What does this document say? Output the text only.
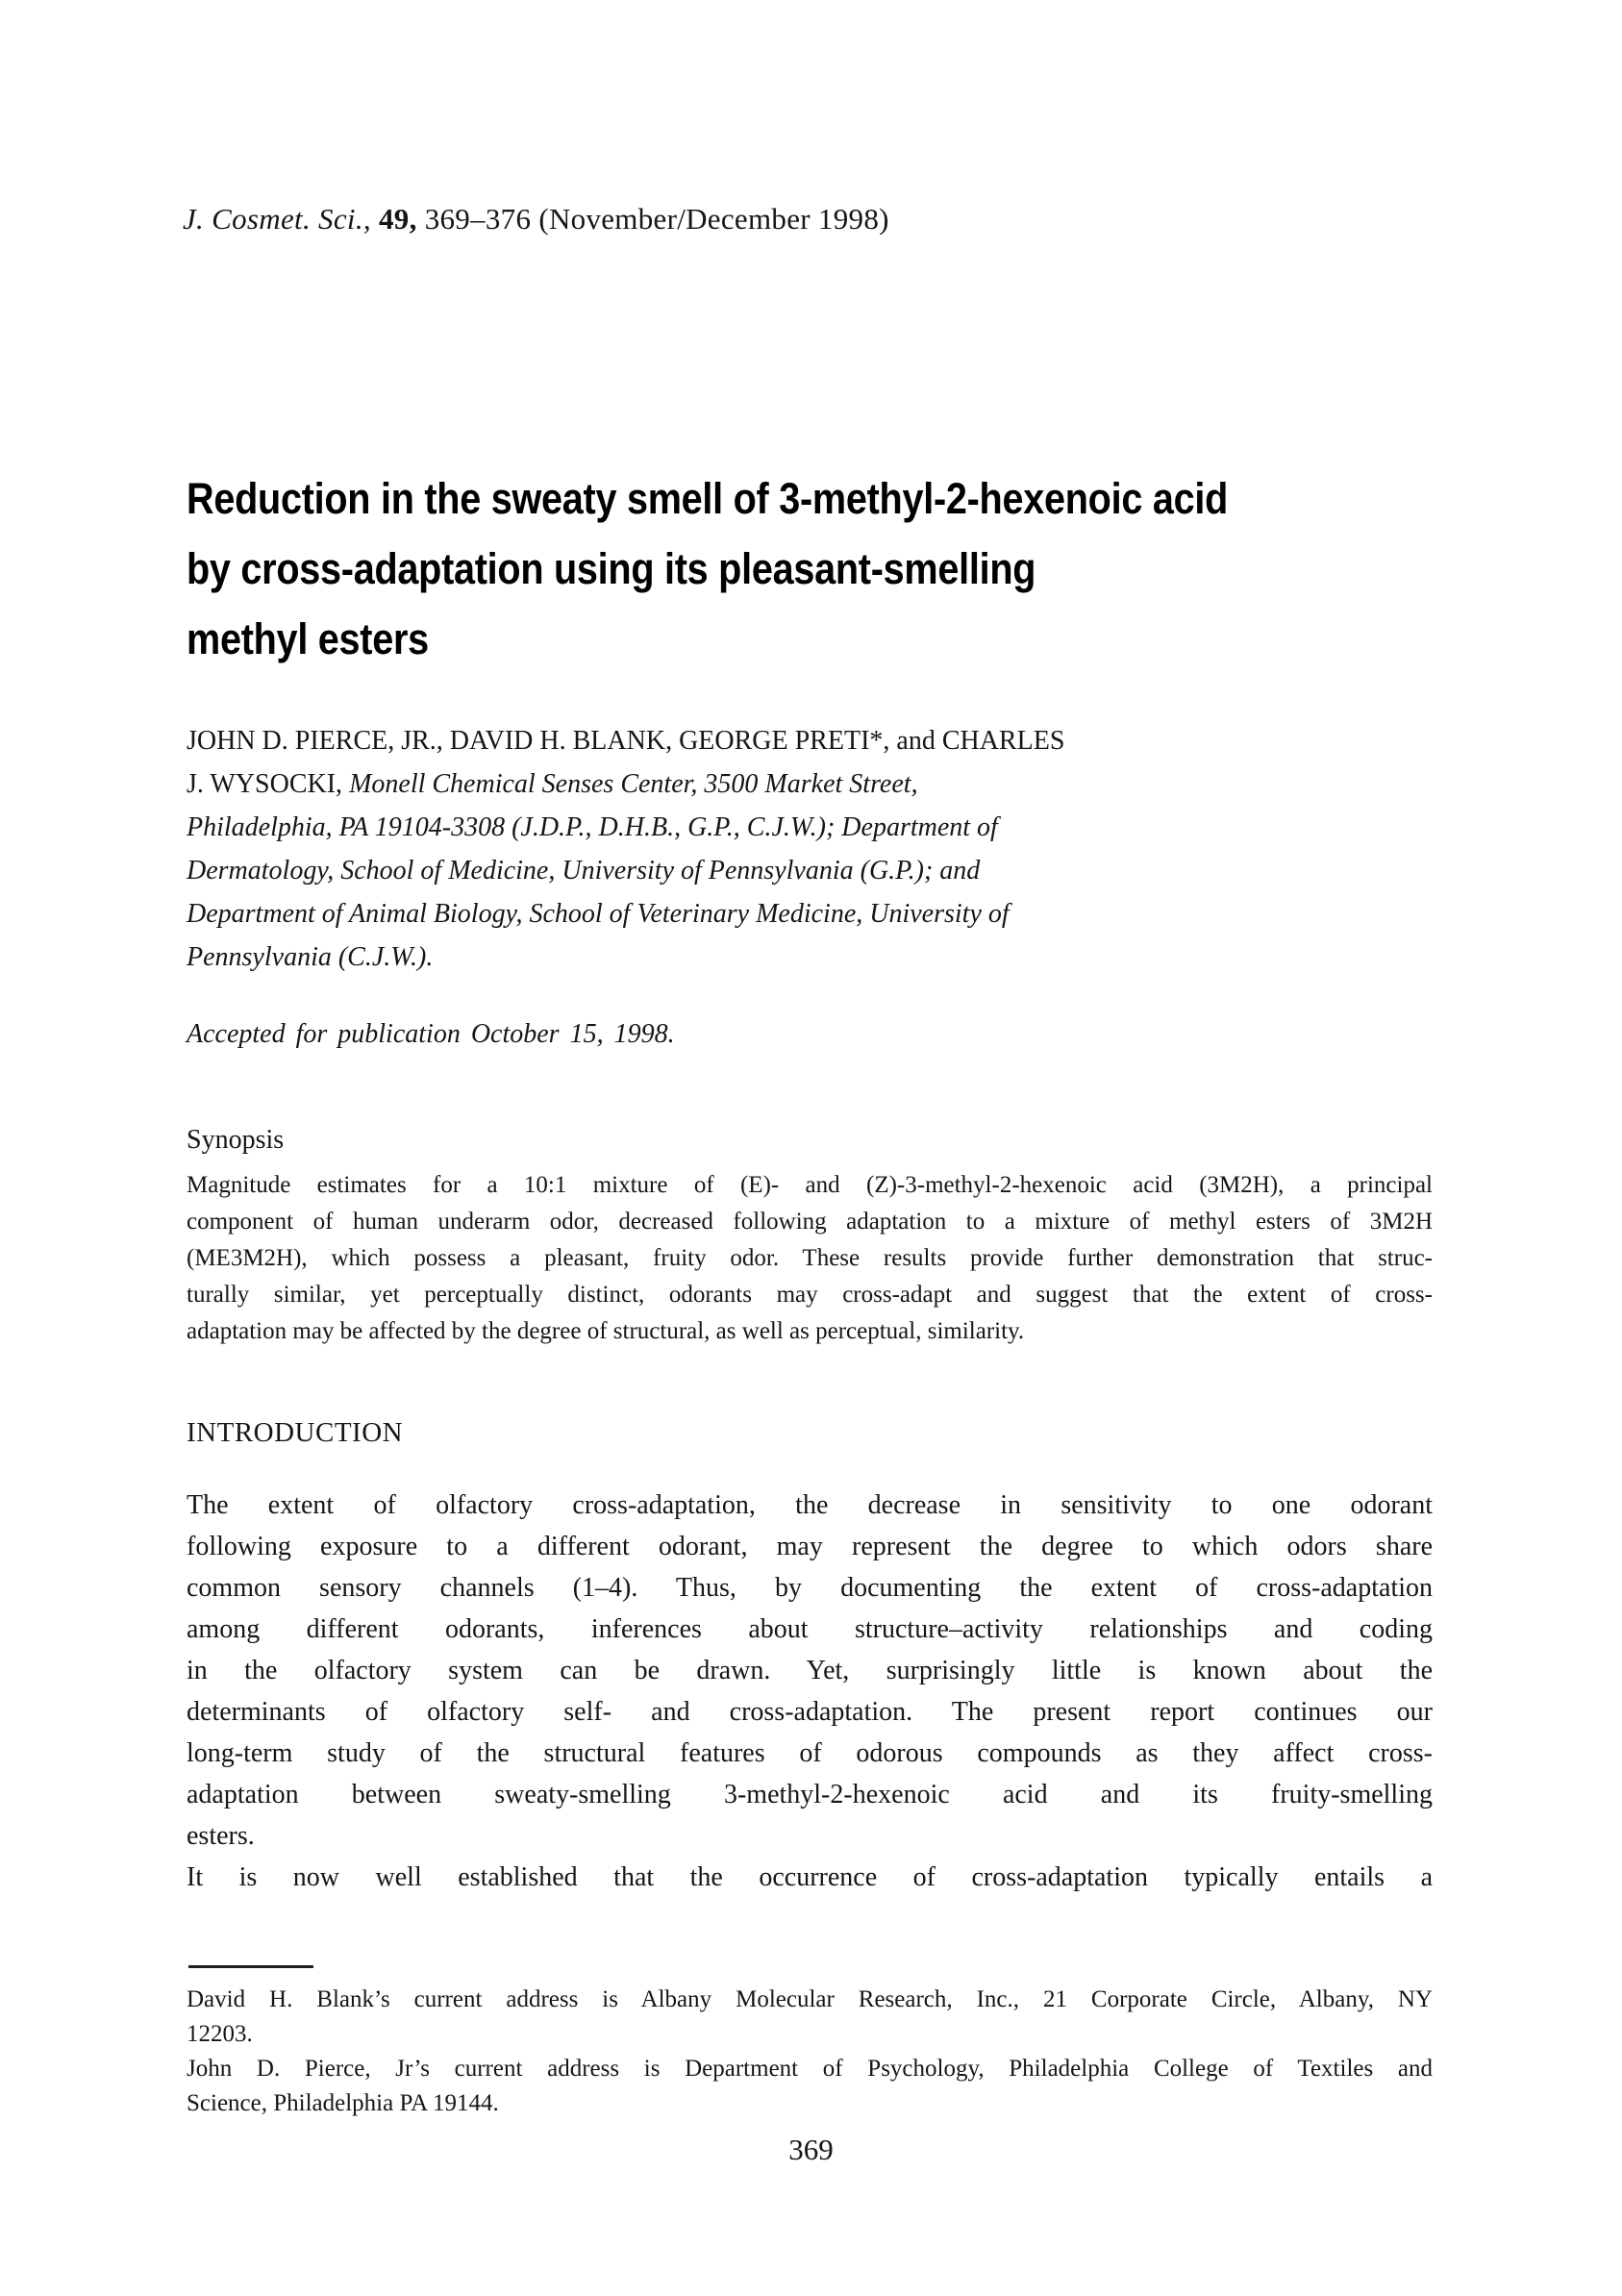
J. Cosmet. Sci., 49, 369–376 (November/December 1998)
Reduction in the sweaty smell of 3-methyl-2-hexenoic acid
by cross-adaptation using its pleasant-smelling
methyl esters
JOHN D. PIERCE, JR., DAVID H. BLANK, GEORGE PRETI*, and CHARLES J. WYSOCKI, Monell Chemical Senses Center, 3500 Market Street, Philadelphia, PA 19104-3308 (J.D.P., D.H.B., G.P., C.J.W.); Department of Dermatology, School of Medicine, University of Pennsylvania (G.P.); and Department of Animal Biology, School of Veterinary Medicine, University of Pennsylvania (C.J.W.).
Accepted for publication October 15, 1998.
Synopsis
Magnitude estimates for a 10:1 mixture of (E)- and (Z)-3-methyl-2-hexenoic acid (3M2H), a principal
component of human underarm odor, decreased following adaptation to a mixture of methyl esters of 3M2H
(ME3M2H), which possess a pleasant, fruity odor. These results provide further demonstration that struc-
turally similar, yet perceptually distinct, odorants may cross-adapt and suggest that the extent of cross-
adaptation may be affected by the degree of structural, as well as perceptual, similarity.
INTRODUCTION
The extent of olfactory cross-adaptation, the decrease in sensitivity to one odorant
following exposure to a different odorant, may represent the degree to which odors share
common sensory channels (1–4). Thus, by documenting the extent of cross-adaptation
among different odorants, inferences about structure–activity relationships and coding
in the olfactory system can be drawn. Yet, surprisingly little is known about the
determinants of olfactory self- and cross-adaptation. The present report continues our
long-term study of the structural features of odorous compounds as they affect cross-
adaptation between sweaty-smelling 3-methyl-2-hexenoic acid and its fruity-smelling
esters.
It is now well established that the occurrence of cross-adaptation typically entails a
David H. Blank’s current address is Albany Molecular Research, Inc., 21 Corporate Circle, Albany, NY
12203.
John D. Pierce, Jr’s current address is Department of Psychology, Philadelphia College of Textiles and
Science, Philadelphia PA 19144.
369
